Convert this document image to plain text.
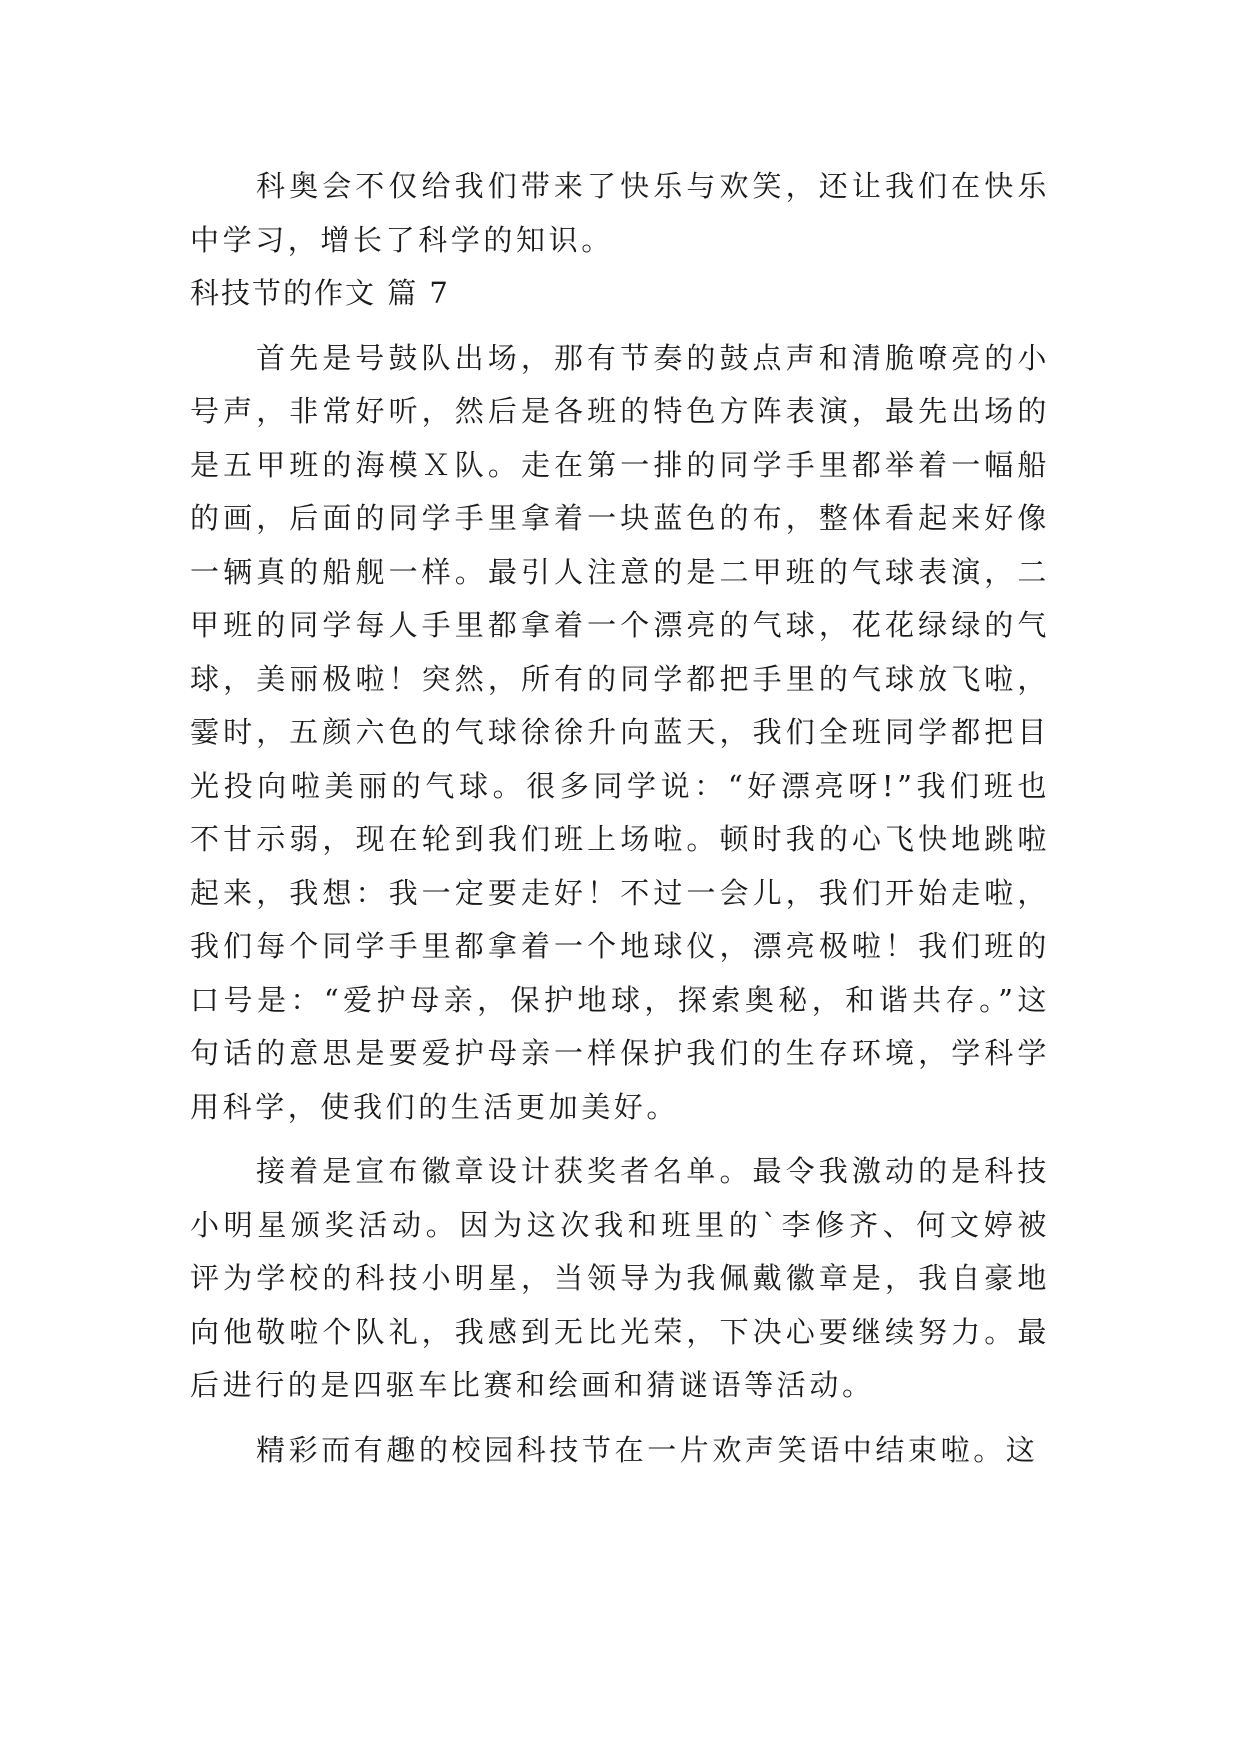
科奥会不仅给我们带来了快乐与欢笑，还让我们在快乐中学习，增长了科学的知识。

科技节的作文 篇 7

首先是号鼓队出场，那有节奏的鼓点声和清脆嘹亮的小号声，非常好听，然后是各班的特色方阵表演，最先出场的是五甲班的海模Ｘ队。走在第一排的同学手里都举着一幅船的画，后面的同学手里拿着一块蓝色的布，整体看起来好像一辆真的船舰一样。最引人注意的是二甲班的气球表演，二甲班的同学每人手里都拿着一个漂亮的气球，花花绿绿的气球，美丽极啦！突然，所有的同学都把手里的气球放飞啦，霎时，五颜六色的气球徐徐升向蓝天，我们全班同学都把目光投向啦美丽的气球。很多同学说：“好漂亮呀!”我们班也不甘示弱，现在轮到我们班上场啦。顿时我的心飞快地跳啦起来，我想：我一定要走好！不过一会儿，我们开始走啦，我们每个同学手里都拿着一个地球仪，漂亮极啦！我们班的口号是：“爱护母亲，保护地球，探索奥秘，和谐共存。”这句话的意思是要爱护母亲一样保护我们的生存环境，学科学用科学，使我们的生活更加美好。

接着是宣布徽章设计获奖者名单。最令我激动的是科技小明星颁奖活动。因为这次我和班里的`李修齐、何文婷被评为学校的科技小明星，当领导为我佩戴徽章是，我自豪地向他敬啦个队礼，我感到无比光荣，下决心要继续努力。最后进行的是四驱车比赛和绘画和猜谜语等活动。

精彩而有趣的校园科技节在一片欢声笑语中结束啦。这
